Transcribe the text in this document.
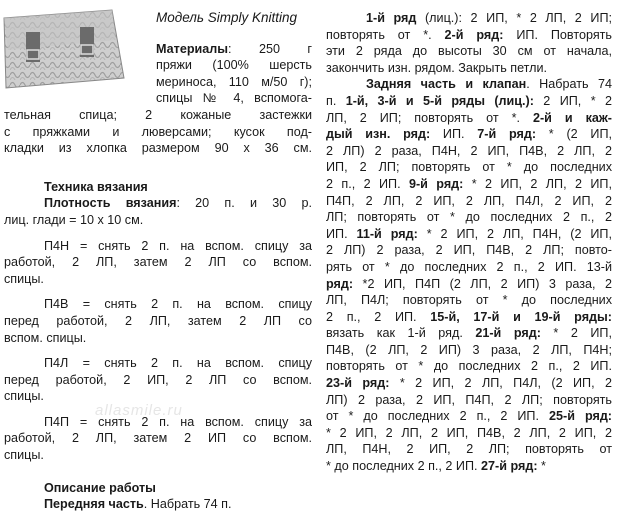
Модель Simply Knitting

Материалы: 250 г
пряжи (100% шерсть
мериноса, 110 м/50 г);
спицы № 4, вспомога-
тельная спица; 2 кожаные застежки
с пряжками и люверсами; кусок под-
кладки из хлопка размером 90 х 36 см.
Техника вязания
Плотность вязания: 20 п. и 30 р.
лиц. глади = 10 х 10 см.
П4Н = снять 2 п. на вспом. спицу за
работой, 2 ЛП, затем 2 ЛП со вспом.
спицы.
П4В = снять 2 п. на вспом. спицу
перед работой, 2 ЛП, затем 2 ЛП со
вспом. спицы.
П4Л = снять 2 п. на вспом. спицу
перед работой, 2 ИП, 2 ЛП со вспом.
спицы.
П4П = снять 2 п. на вспом. спицу за
работой, 2 ЛП, затем 2 ИП со вспом.
спицы.
Описание работы
Передняя часть. Набрать 74 п.
allasmile.ru
1-й ряд (лиц.): 2 ИП, * 2 ЛП, 2 ИП;
повторять от *. 2-й ряд: ИП. Повторять
эти 2 ряда до высоты 30 см от начала,
закончить изн. рядом. Закрыть петли.
Задняя часть и клапан. Набрать 74
п. 1-й, 3-й и 5-й ряды (лиц.): 2 ИП, * 2
ЛП, 2 ИП; повторять от *. 2-й и каж-
дый изн. ряд: ИП. 7-й ряд: * (2 ИП,
2 ЛП) 2 раза, П4Н, 2 ИП, П4В, 2 ЛП, 2
ИП, 2 ЛП; повторять от * до последних
2 п., 2 ИП. 9-й ряд: * 2 ИП, 2 ЛП, 2 ИП,
П4П, 2 ЛП, 2 ИП, 2 ЛП, П4Л, 2 ИП, 2
ЛП; повторять от * до последних 2 п., 2
ИП. 11-й ряд: * 2 ИП, 2 ЛП, П4Н, (2 ИП,
2 ЛП) 2 раза, 2 ИП, П4В, 2 ЛП; повто-
рять от * до последних 2 п., 2 ИП. 13-й
ряд: *2 ИП, П4П (2 ЛП, 2 ИП) 3 раза, 2
ЛП, П4Л; повторять от * до последних
2 п., 2 ИП. 15-й, 17-й и 19-й ряды:
вязать как 1-й ряд. 21-й ряд: * 2 ИП,
П4В, (2 ЛП, 2 ИП) 3 раза, 2 ЛП, П4Н;
повторять от * до последних 2 п., 2 ИП.
23-й ряд: * 2 ИП, 2 ЛП, П4Л, (2 ИП, 2
ЛП) 2 раза, 2 ИП, П4П, 2 ЛП; повторять
от * до последних 2 п., 2 ИП. 25-й ряд:
* 2 ИП, 2 ЛП, 2 ИП, П4В, 2 ЛП, 2 ИП, 2
ЛП, П4Н, 2 ИП, 2 ЛП; повторять от
* до последних 2 п., 2 ИП. 27-й ряд: *
